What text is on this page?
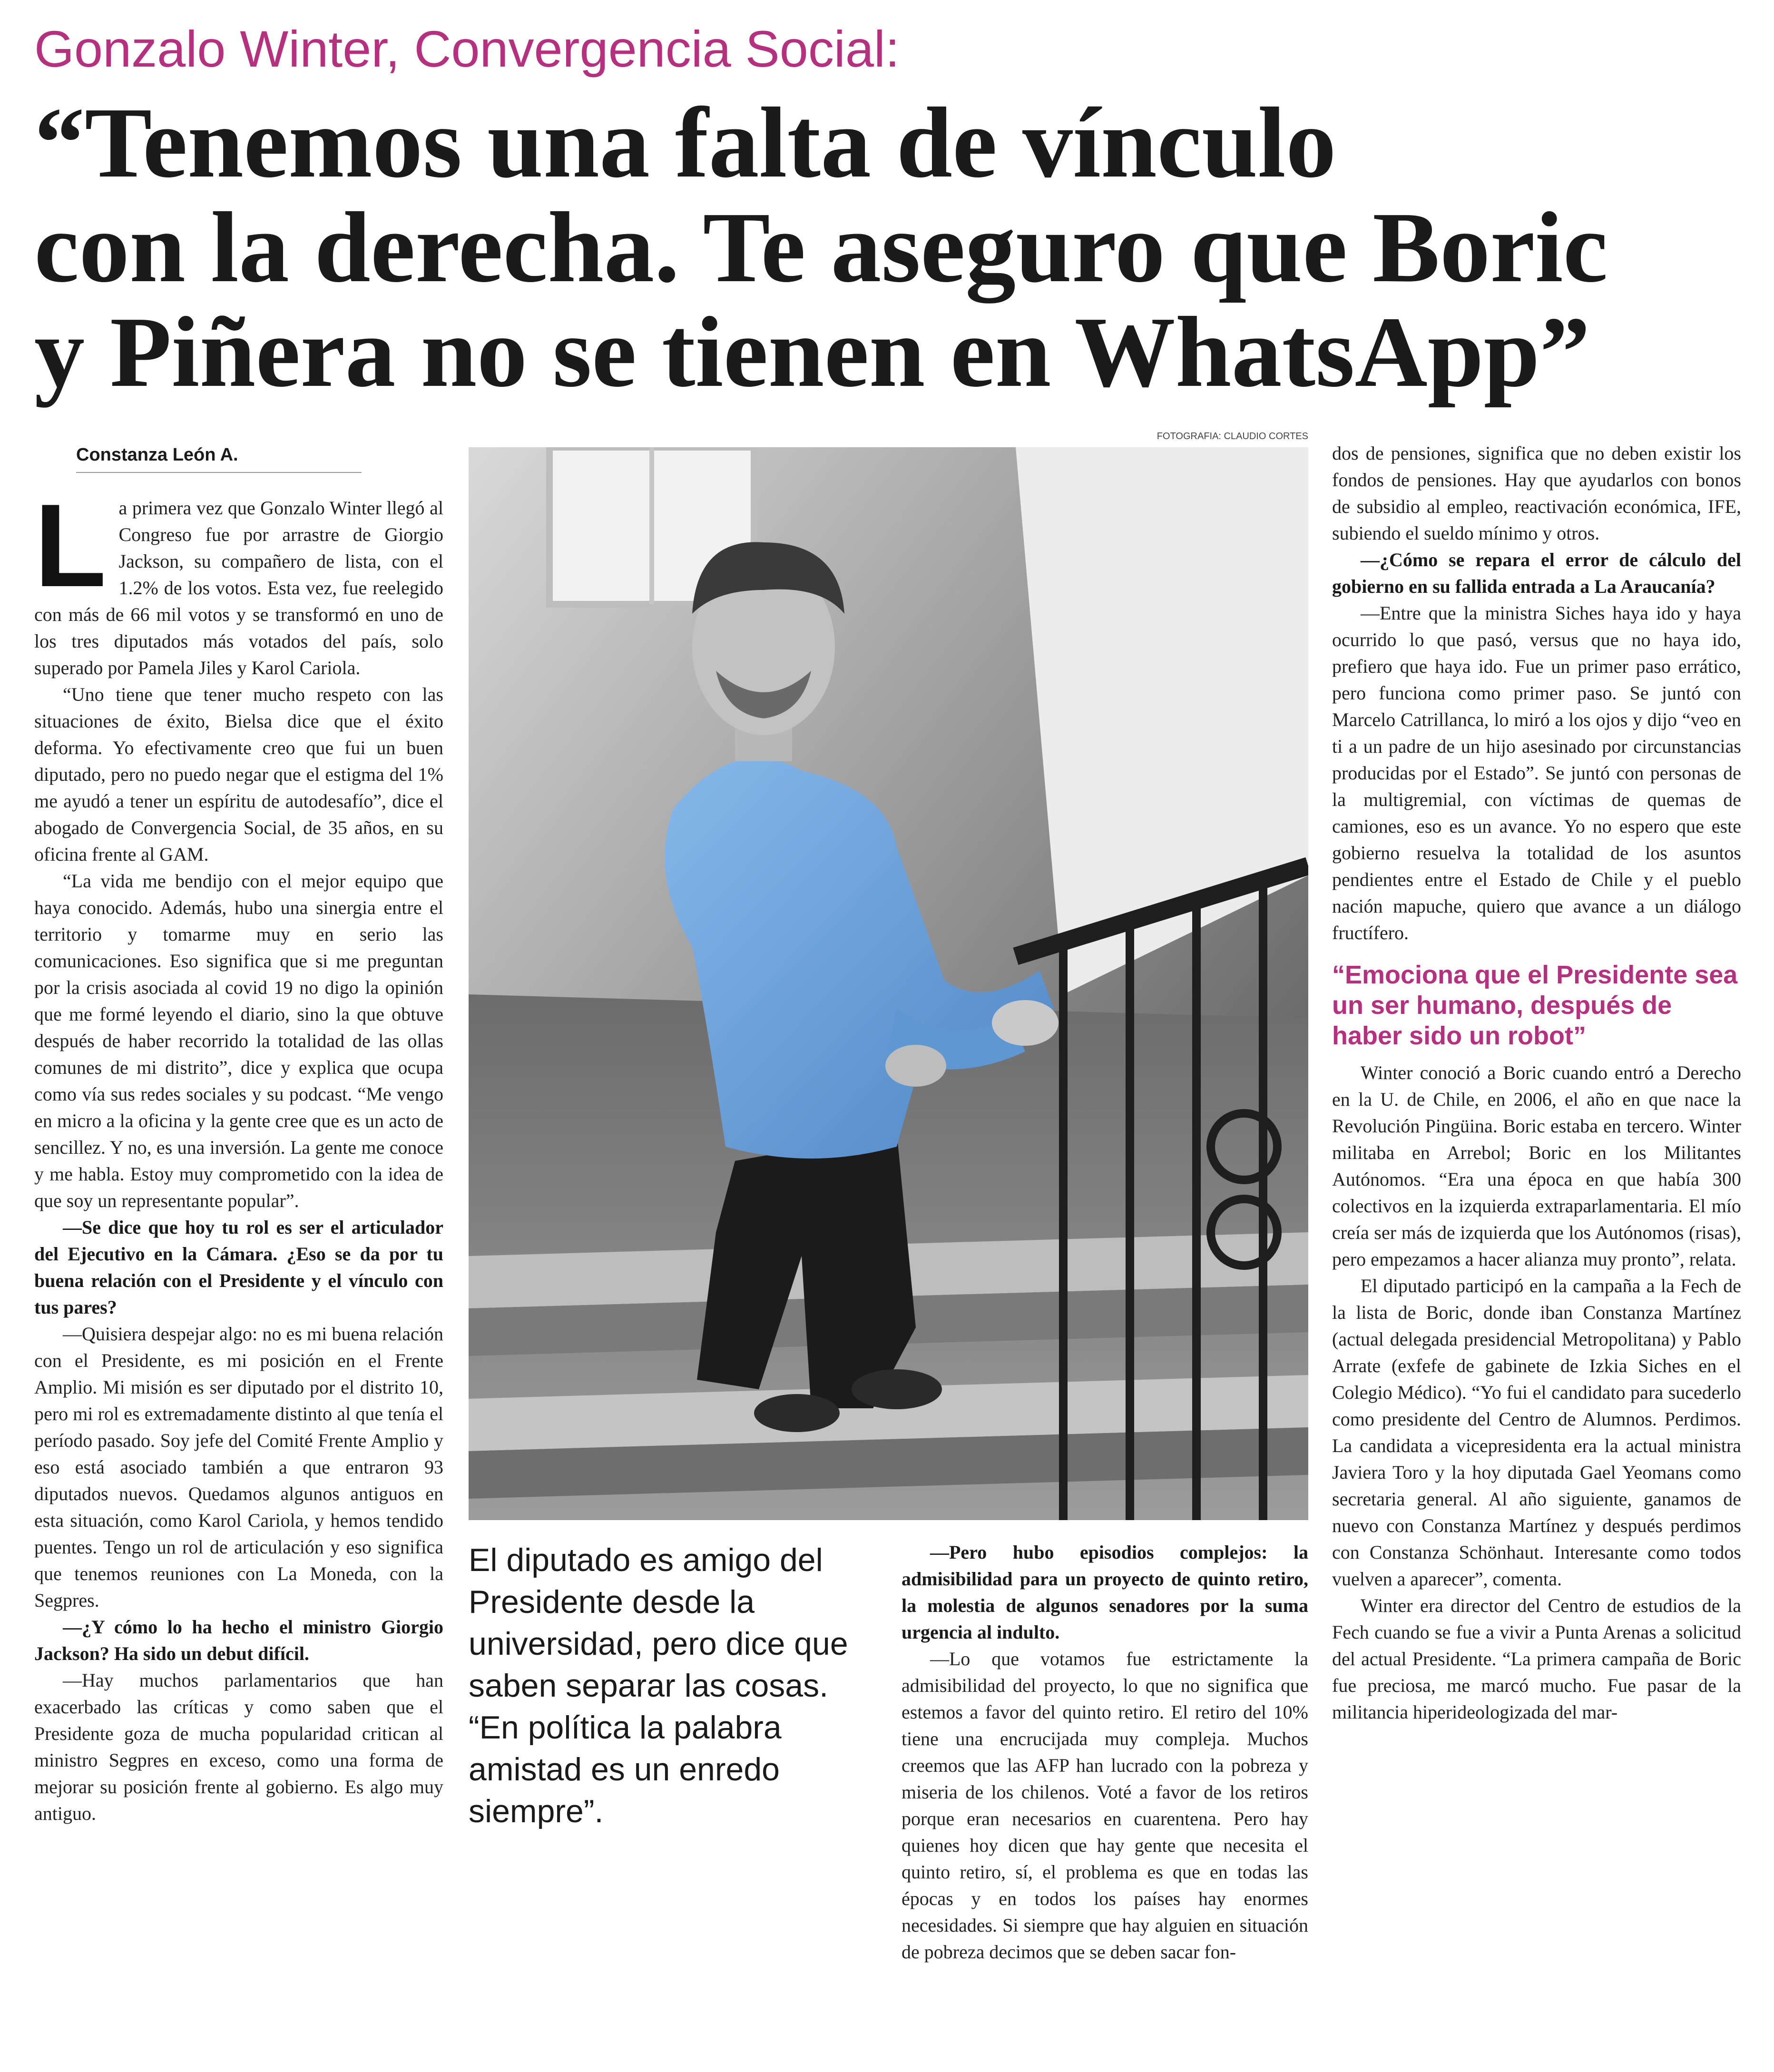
Gonzalo Winter, Convergencia Social:
“Tenemos una falta de vínculo
con la derecha. Te aseguro que Boric
y Piñera no se tienen en WhatsApp”
Constanza León A.
FOTOGRAFIA: CLAUDIO CORTES

La primera vez que Gonzalo Winter llegó al Congreso fue por arrastre de Giorgio Jackson, su compañero de lista, con el 1.2% de los votos. Esta vez, fue reelegido con más de 66 mil votos y se transformó en uno de los tres diputados más votados del país, solo superado por Pamela Jiles y Karol Cariola.

“Uno tiene que tener mucho respeto con las situaciones de éxito, Bielsa dice que el éxito deforma. Yo efectivamente creo que fui un buen diputado, pero no puedo negar que el estigma del 1% me ayudó a tener un espíritu de autodesafío”, dice el abogado de Convergencia Social, de 35 años, en su oficina frente al GAM.

“La vida me bendijo con el mejor equipo que haya conocido. Además, hubo una sinergia entre el territorio y tomarme muy en serio las comunicaciones. Eso significa que si me preguntan por la crisis asociada al covid 19 no digo la opinión que me formé leyendo el diario, sino la que obtuve después de haber recorrido la totalidad de las ollas comunes de mi distrito”, dice y explica que ocupa como vía sus redes sociales y su podcast. “Me vengo en micro a la oficina y la gente cree que es un acto de sencillez. Y no, es una inversión. La gente me conoce y me habla. Estoy muy comprometido con la idea de que soy un representante popular”.

—Se dice que hoy tu rol es ser el articulador del Ejecutivo en la Cámara. ¿Eso se da por tu buena relación con el Presidente y el vínculo con tus pares?

—Quisiera despejar algo: no es mi buena relación con el Presidente, es mi posición en el Frente Amplio. Mi misión es ser diputado por el distrito 10, pero mi rol es extremadamente distinto al que tenía el período pasado. Soy jefe del Comité Frente Amplio y eso está asociado también a que entraron 93 diputados nuevos. Quedamos algunos antiguos en esta situación, como Karol Cariola, y hemos tendido puentes. Tengo un rol de articulación y eso significa que tenemos reuniones con La Moneda, con la Segpres.

—¿Y cómo lo ha hecho el ministro Giorgio Jackson? Ha sido un debut difícil.

—Hay muchos parlamentarios que han exacerbado las críticas y como saben que el Presidente goza de mucha popularidad critican al ministro Segpres en exceso, como una forma de mejorar su posición frente al gobierno. Es algo muy antiguo.

El diputado es amigo del Presidente desde la universidad, pero dice que saben separar las cosas. “En política la palabra amistad es un enredo siempre”.

—Pero hubo episodios complejos: la admisibilidad para un proyecto de quinto retiro, la molestia de algunos senadores por la suma urgencia al indulto.

—Lo que votamos fue estrictamente la admisibilidad del proyecto, lo que no significa que estemos a favor del quinto retiro. El retiro del 10% tiene una encrucijada muy compleja. Muchos creemos que las AFP han lucrado con la pobreza y miseria de los chilenos. Voté a favor de los retiros porque eran necesarios en cuarentena. Pero hay quienes hoy dicen que hay gente que necesita el quinto retiro, sí, el problema es que en todas las épocas y en todos los países hay enormes necesidades. Si siempre que hay alguien en situación de pobreza decimos que se deben sacar fon-

dos de pensiones, significa que no deben existir los fondos de pensiones. Hay que ayudarlos con bonos de subsidio al empleo, reactivación económica, IFE, subiendo el sueldo mínimo y otros.

—¿Cómo se repara el error de cálculo del gobierno en su fallida entrada a La Araucanía?

—Entre que la ministra Siches haya ido y haya ocurrido lo que pasó, versus que no haya ido, prefiero que haya ido. Fue un primer paso errático, pero funciona como primer paso. Se juntó con Marcelo Catrillanca, lo miró a los ojos y dijo “veo en ti a un padre de un hijo asesinado por circunstancias producidas por el Estado”. Se juntó con personas de la multigremial, con víctimas de quemas de camiones, eso es un avance. Yo no espero que este gobierno resuelva la totalidad de los asuntos pendientes entre el Estado de Chile y el pueblo nación mapuche, quiero que avance a un diálogo fructífero.

“Emociona que el Presidente sea un ser humano, después de haber sido un robot”

Winter conoció a Boric cuando entró a Derecho en la U. de Chile, en 2006, el año en que nace la Revolución Pingüina. Boric estaba en tercero. Winter militaba en Arrebol; Boric en los Militantes Autónomos. “Era una época en que había 300 colectivos en la izquierda extraparlamentaria. El mío creía ser más de izquierda que los Autónomos (risas), pero empezamos a hacer alianza muy pronto”, relata.

El diputado participó en la campaña a la Fech de la lista de Boric, donde iban Constanza Martínez (actual delegada presidencial Metropolitana) y Pablo Arrate (exfefe de gabinete de Izkia Siches en el Colegio Médico). “Yo fui el candidato para sucederlo como presidente del Centro de Alumnos. Perdimos. La candidata a vicepresidenta era la actual ministra Javiera Toro y la hoy diputada Gael Yeomans como secretaria general. Al año siguiente, ganamos de nuevo con Constanza Martínez y después perdimos con Constanza Schönhaut. Interesante como todos vuelven a aparecer”, comenta.

Winter era director del Centro de estudios de la Fech cuando se fue a vivir a Punta Arenas a solicitud del actual Presidente. “La primera campaña de Boric fue preciosa, me marcó mucho. Fue pasar de la militancia hiperideologizada del mar-
